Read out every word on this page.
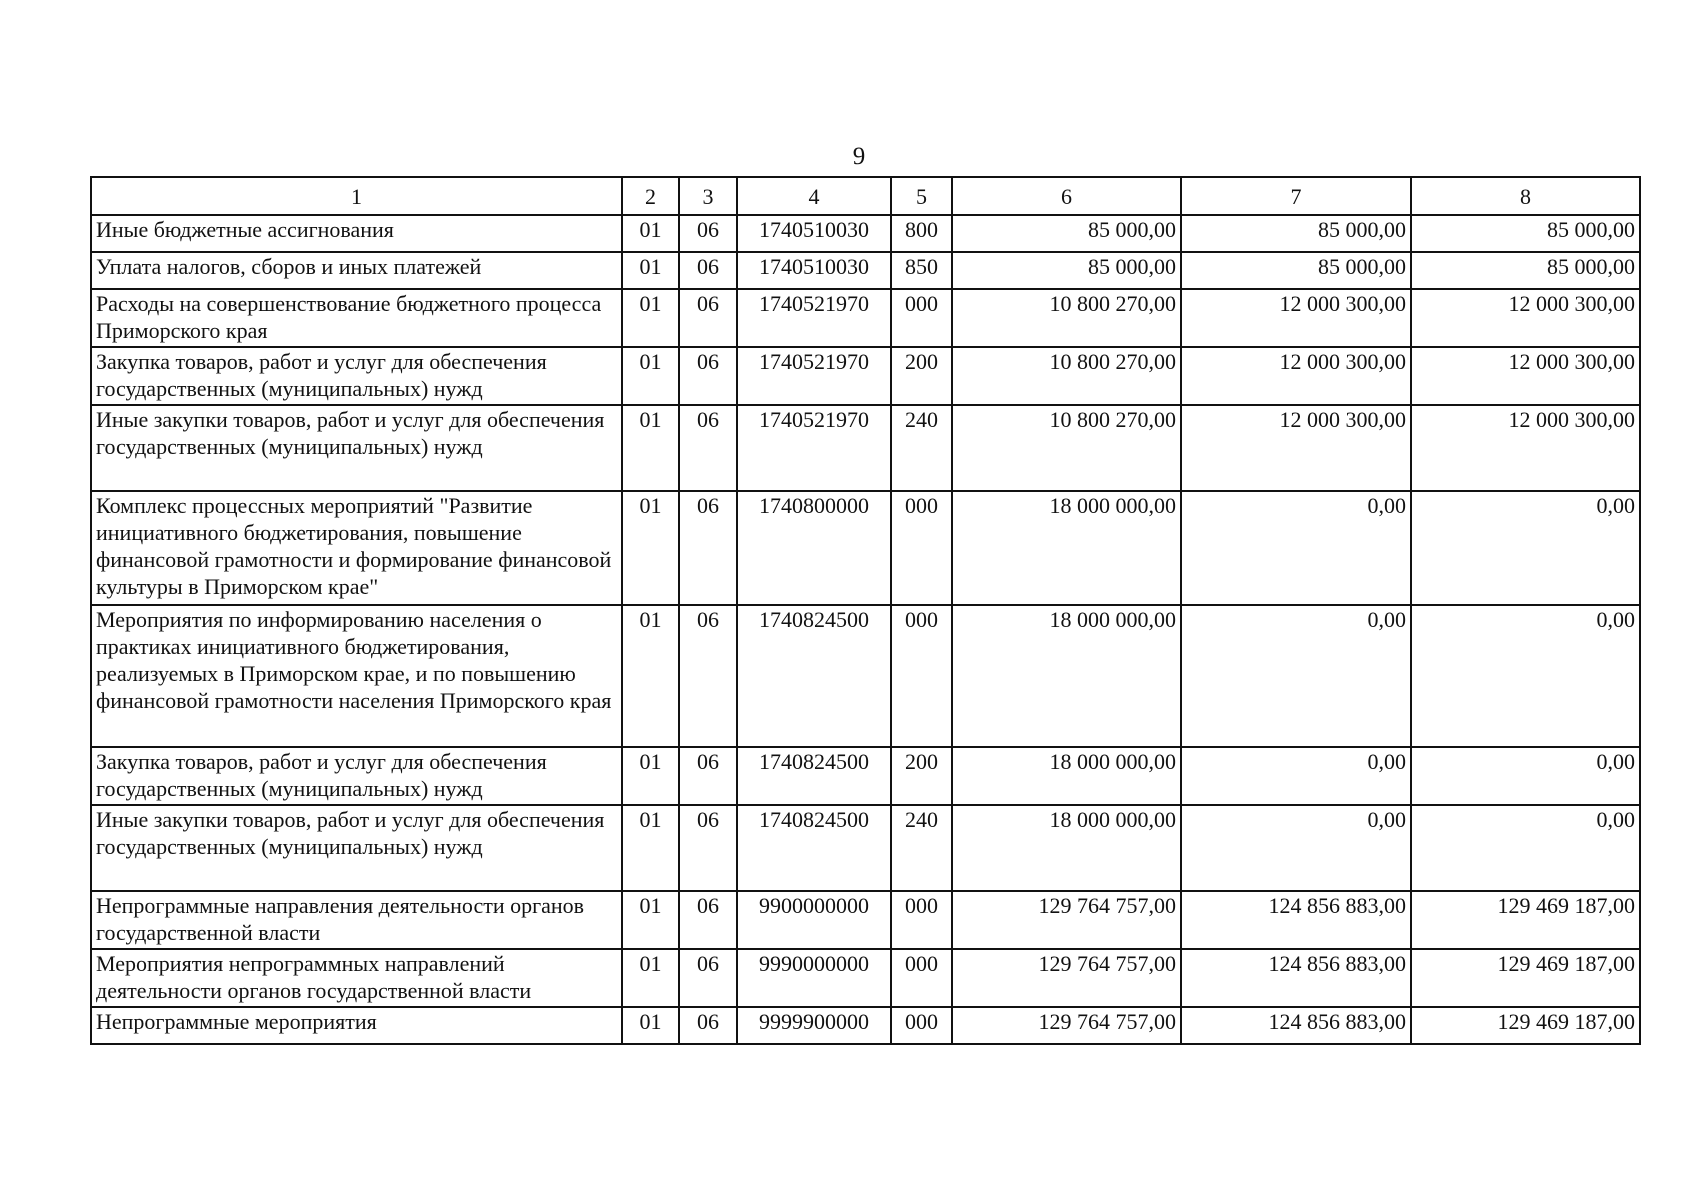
9
1	2	3	4	5	6	7	8
Иные бюджетные ассигнования	01	06	1740510030	800	85 000,00	85 000,00	85 000,00
Уплата налогов, сборов и иных платежей	01	06	1740510030	850	85 000,00	85 000,00	85 000,00
Расходы на совершенствование бюджетного процесса Приморского края	01	06	1740521970	000	10 800 270,00	12 000 300,00	12 000 300,00
Закупка товаров, работ и услуг для обеспечения государственных (муниципальных) нужд	01	06	1740521970	200	10 800 270,00	12 000 300,00	12 000 300,00
Иные закупки товаров, работ и услуг для обеспечения государственных (муниципальных) нужд	01	06	1740521970	240	10 800 270,00	12 000 300,00	12 000 300,00
Комплекс процессных мероприятий "Развитие инициативного бюджетирования, повышение финансовой грамотности и формирование финансовой культуры в Приморском крае"	01	06	1740800000	000	18 000 000,00	0,00	0,00
Мероприятия по информированию населения о практиках инициативного бюджетирования, реализуемых в Приморском крае, и по повышению финансовой грамотности населения Приморского края	01	06	1740824500	000	18 000 000,00	0,00	0,00
Закупка товаров, работ и услуг для обеспечения государственных (муниципальных) нужд	01	06	1740824500	200	18 000 000,00	0,00	0,00
Иные закупки товаров, работ и услуг для обеспечения государственных (муниципальных) нужд	01	06	1740824500	240	18 000 000,00	0,00	0,00
Непрограммные направления деятельности органов государственной власти	01	06	9900000000	000	129 764 757,00	124 856 883,00	129 469 187,00
Мероприятия непрограммных направлений деятельности органов государственной власти	01	06	9990000000	000	129 764 757,00	124 856 883,00	129 469 187,00
Непрограммные мероприятия	01	06	9999900000	000	129 764 757,00	124 856 883,00	129 469 187,00
